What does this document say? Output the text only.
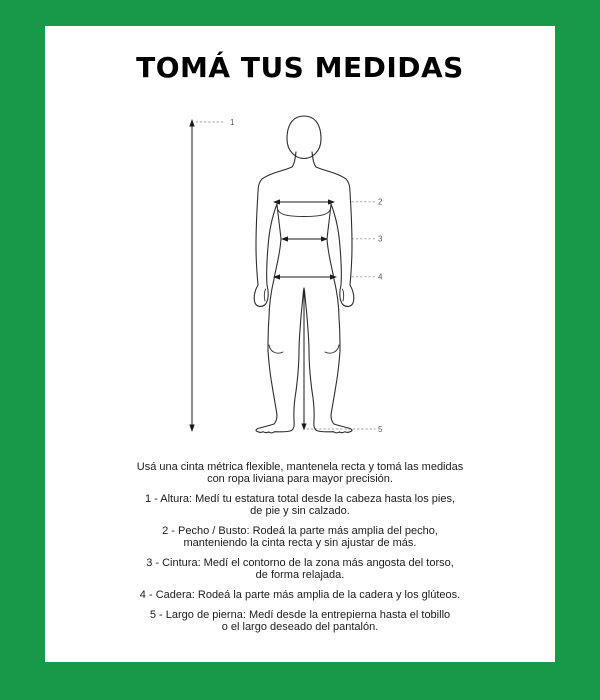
TOMÁ TUS MEDIDAS
1
2
3
4
5

Usá una cinta métrica flexible, mantenela recta y tomá las medidas
con ropa liviana para mayor precisión.

1 - Altura: Medí tu estatura total desde la cabeza hasta los pies,
de pie y sin calzado.

2 - Pecho / Busto: Rodeá la parte más amplia del pecho,
manteniendo la cinta recta y sin ajustar de más.

3 - Cintura: Medí el contorno de la zona más angosta del torso,
de forma relajada.

4 - Cadera: Rodeá la parte más amplia de la cadera y los glúteos.

5 - Largo de pierna: Medí desde la entrepierna hasta el tobillo
o el largo deseado del pantalón.
